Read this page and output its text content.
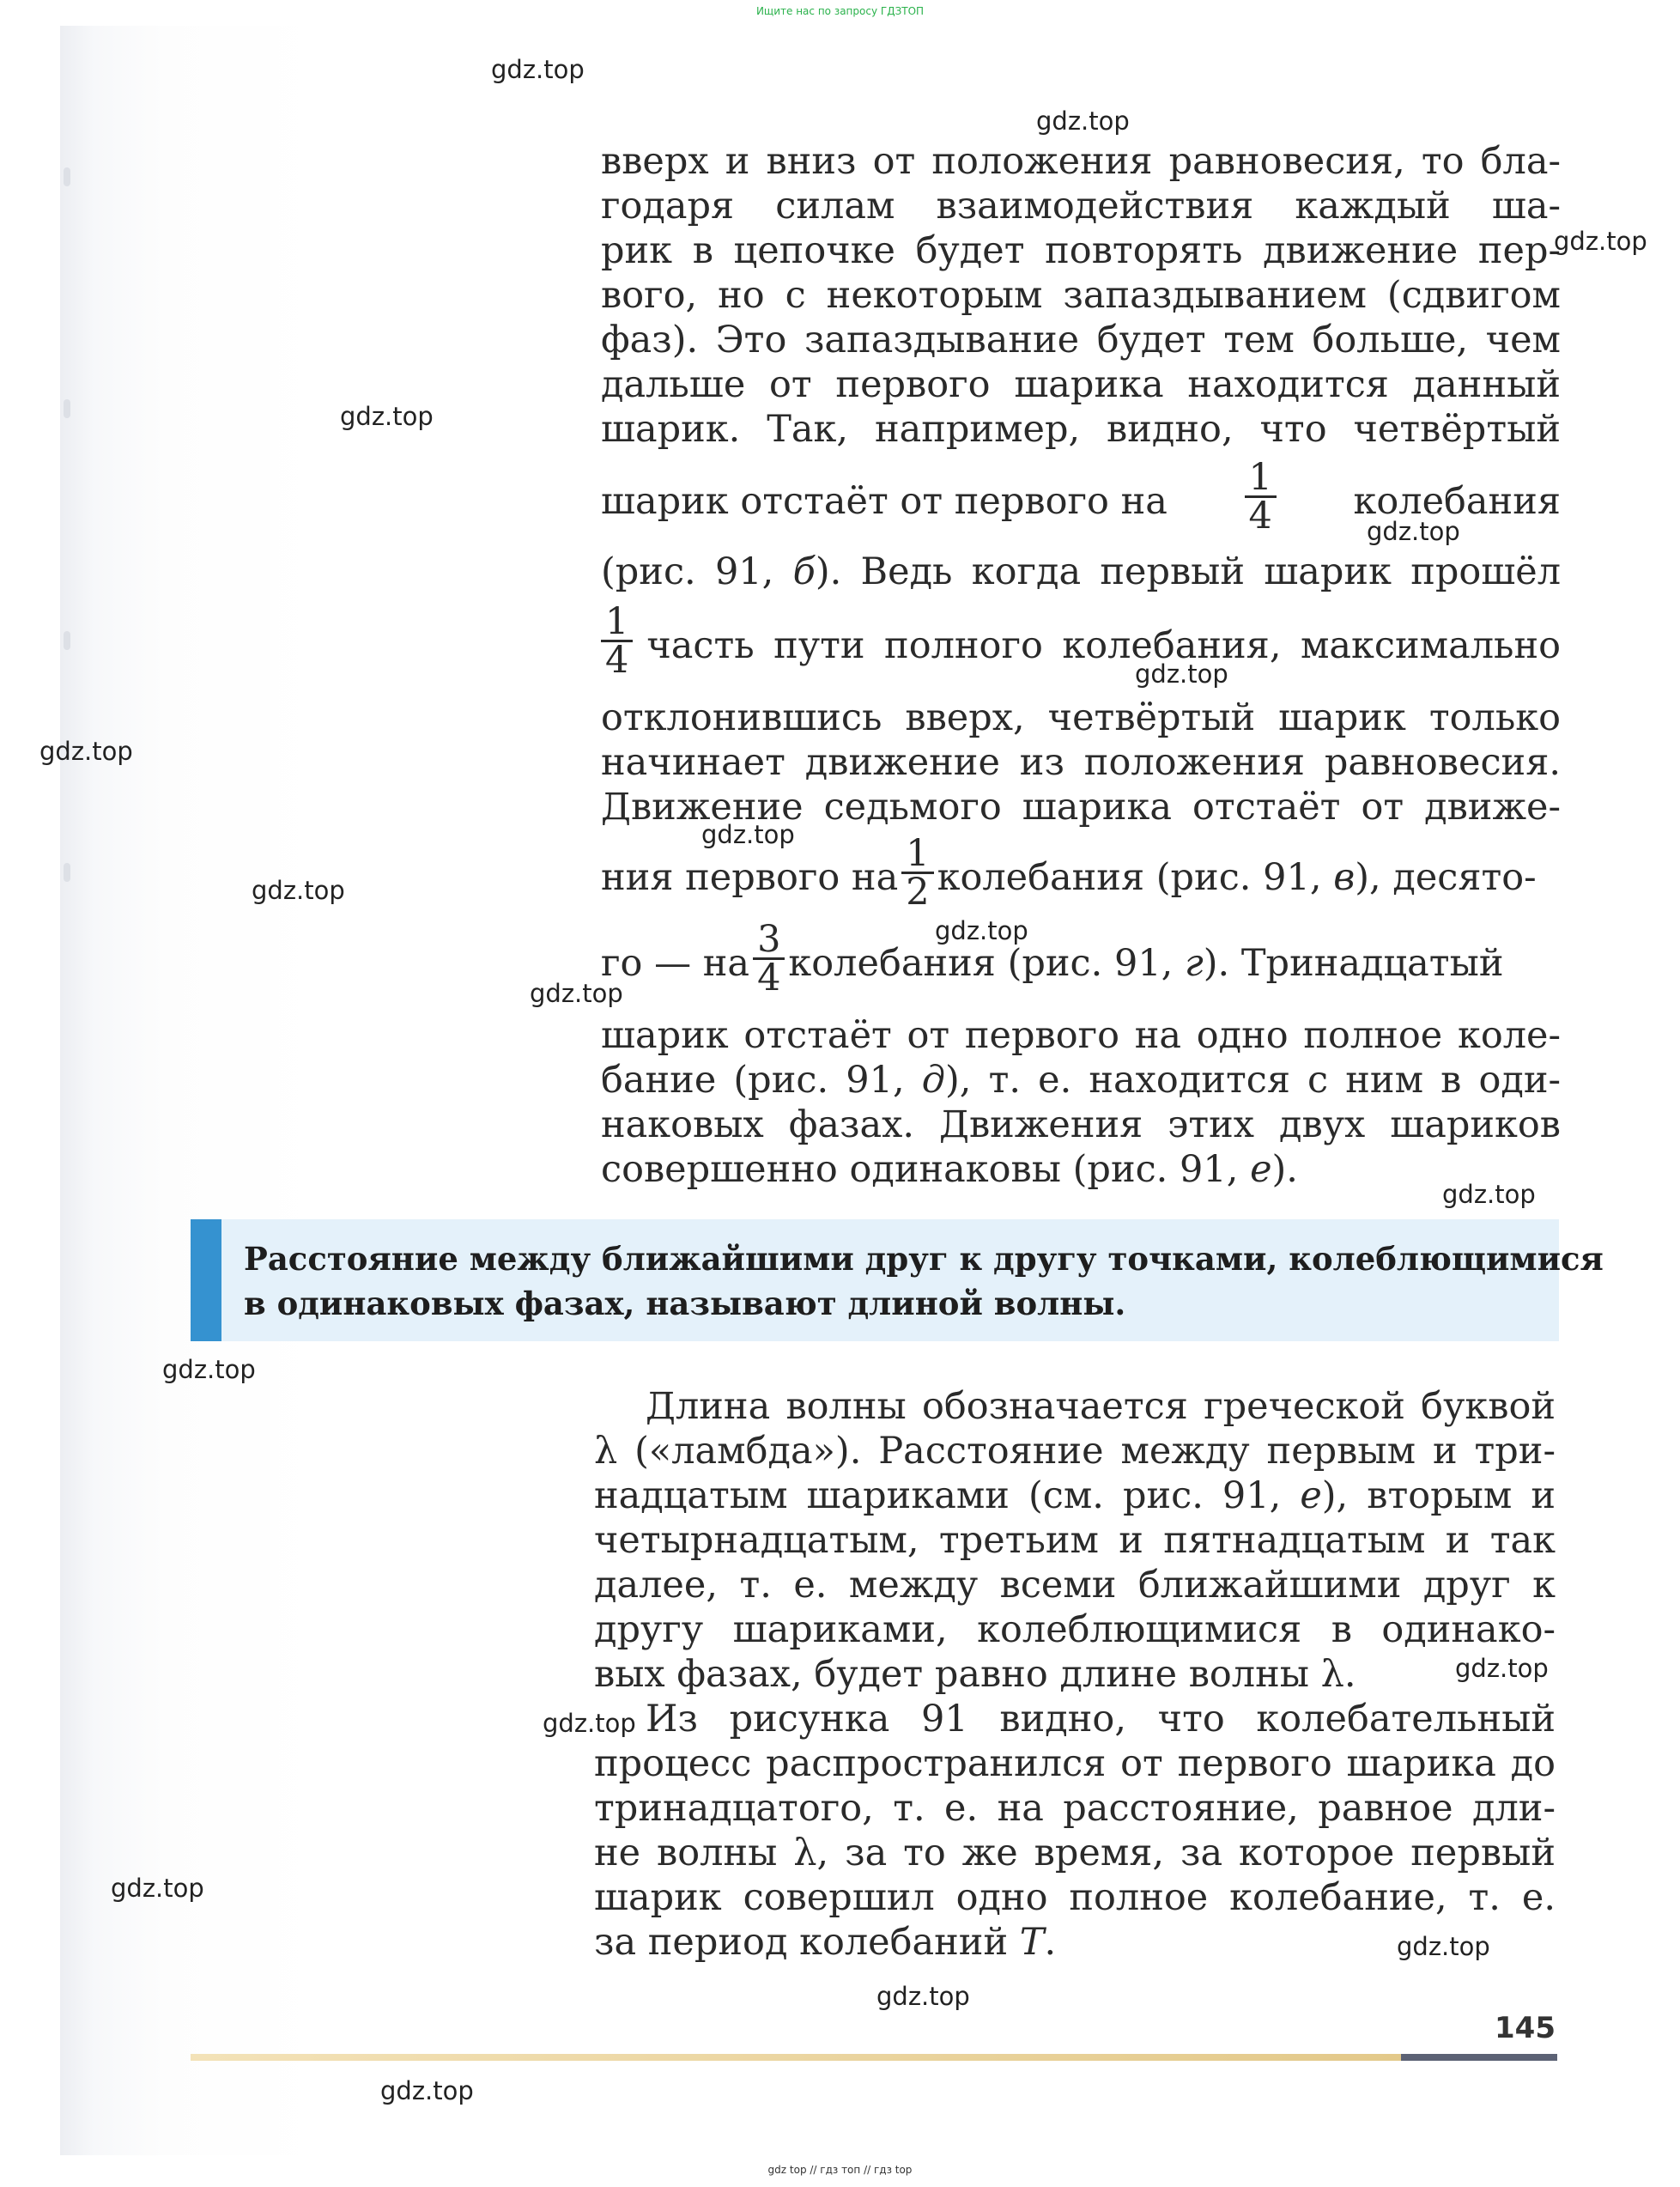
Ищите нас по запросу ГДЗТОП
вверх и вниз от положения равновесия, то бла-
годаря силам взаимодействия каждый ша-
рик в цепочке будет повторять движение пер-
вого, но с некоторым запаздыванием (сдвигом
фаз). Это запаздывание будет тем больше, чем
дальше от первого шарика находится данный
шарик. Так, например, видно, что четвёртый
шарик отстаёт от первого на $\frac{1}{4}$ колебания
(рис. 91, б). Ведь когда первый шарик прошёл
$\frac{1}{4}$ часть пути полного колебания, максимально
отклонившись вверх, четвёртый шарик только
начинает движение из положения равновесия.
Движение седьмого шарика отстаёт от движе-
ния первого на $\frac{1}{2}$ колебания (рис. 91,
в ), десято-
го — на $\frac{3}{4}$ колебания (рис. 91,
г ). Тринадцатый
шарик отстаёт от первого на одно полное коле-
бание (рис. 91, д), т. е. находится с ним в оди-
наковых фазах. Движения этих двух шариков
совершенно одинаковы (рис. 91, е).
Расстояние между ближайшими друг к другу точками, колеблющимися
в одинаковых фазах, называют длиной волны.
Длина волны обозначается греческой буквой
λ («ламбда»). Расстояние между первым и три-
надцатым шариками (см. рис. 91, е), вторым и
четырнадцатым, третьим и пятнадцатым и так
далее, т. е. между всеми ближайшими друг к
другу шариками, колеблющимися в одинако-
вых фазах, будет равно длине волны λ.
Из рисунка 91 видно, что колебательный
процесс распространился от первого шарика до
тринадцатого, т. е. на расстояние, равное дли-
не волны λ, за то же время, за которое первый
шарик совершил одно полное колебание, т. е.
за период колебаний T.
145
gdz top // гдз топ // гдз top
gdz.top
gdz.top
gdz.top
gdz.top
gdz.top
gdz.top
gdz.top
gdz.top
gdz.top
gdz.top
gdz.top
gdz.top
gdz.top
gdz.top
gdz.top
gdz.top
gdz.top
gdz.top
gdz.top
